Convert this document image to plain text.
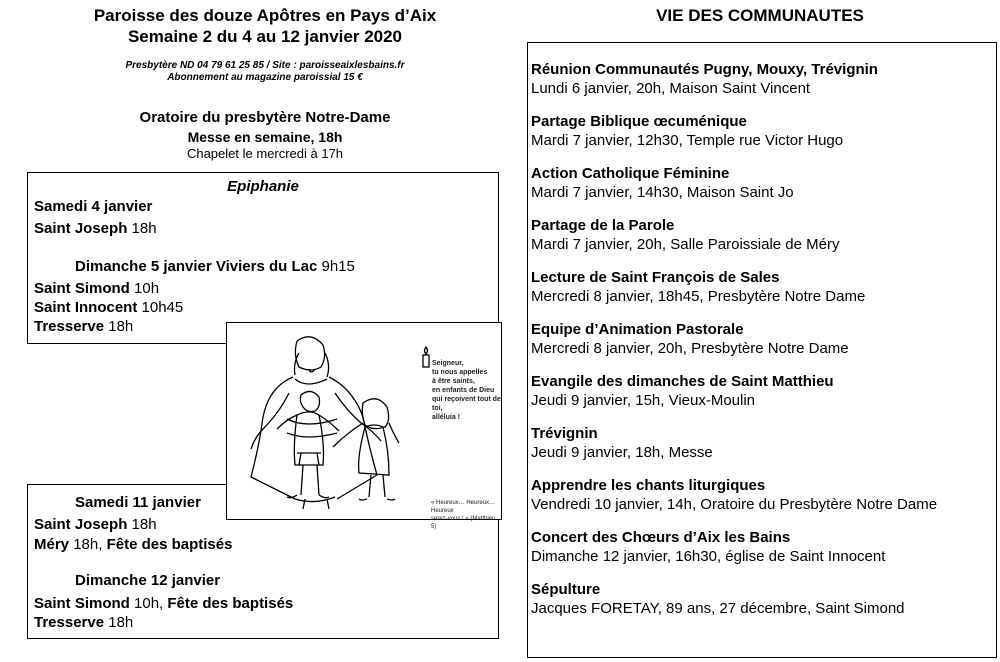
Paroisse des douze Apôtres en Pays d’Aix
Semaine 2 du 4 au 12 janvier 2020
Presbytère ND 04 79 61 25 85 / Site : paroisseaixlesbains.fr
Abonnement au magazine paroissial 15 €
Oratoire du presbytère Notre-Dame
Messe en semaine, 18h
Chapelet le mercredi à 17h
Epiphanie
Samedi 4 janvier
Saint Joseph 18h
Dimanche 5 janvier Viviers du Lac 9h15
Saint Simond 10h
Saint Innocent 10h45
Tresserve 18h
Samedi 11 janvier
Saint Joseph 18h
Méry 18h, Fête des baptisés
Dimanche 12 janvier
Saint Simond 10h, Fête des baptisés
Tresserve 18h
Seigneur,
tu nous appelles
à être saints,
en enfants de Dieu
qui reçoivent tout de toi,
alléluia !
« Heureux… Heureux… Heureux
serez-vous ! » (Matthieu 5)
VIE DES COMMUNAUTES
Réunion Communautés Pugny, Mouxy, Trévignin
Lundi 6 janvier, 20h, Maison Saint Vincent
Partage Biblique œcuménique
Mardi 7 janvier, 12h30, Temple rue Victor Hugo
Action Catholique Féminine
Mardi 7 janvier, 14h30, Maison Saint Jo
Partage de la Parole
Mardi 7 janvier, 20h, Salle Paroissiale de Méry
Lecture de Saint François de Sales
Mercredi 8 janvier, 18h45, Presbytère Notre Dame
Equipe d’Animation Pastorale
Mercredi 8 janvier, 20h, Presbytère Notre Dame
Evangile des dimanches de Saint Matthieu
Jeudi 9 janvier, 15h, Vieux-Moulin
Trévignin
Jeudi 9 janvier, 18h, Messe
Apprendre les chants liturgiques
Vendredi 10 janvier, 14h, Oratoire du Presbytère Notre Dame
Concert des Chœurs d’Aix les Bains
Dimanche 12 janvier, 16h30, église de Saint Innocent
Sépulture
Jacques FORETAY, 89 ans, 27 décembre, Saint Simond
